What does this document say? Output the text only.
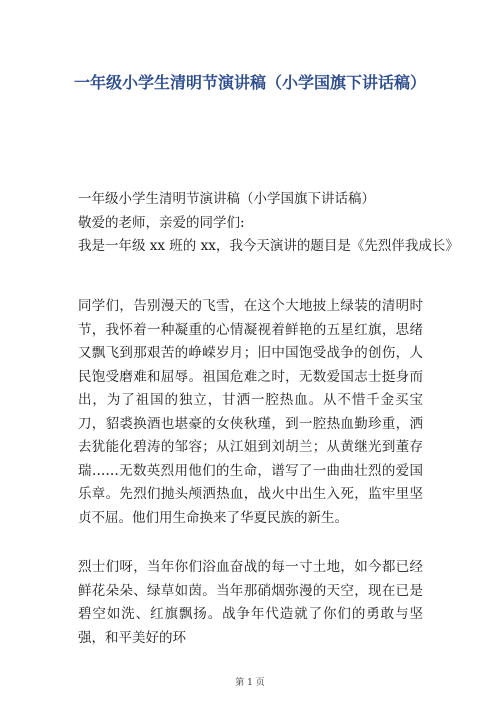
一年级小学生清明节演讲稿（小学国旗下讲话稿）

一年级小学生清明节演讲稿（小学国旗下讲话稿）

敬爱的老师，亲爱的同学们:

我是一年级 xx 班的 xx，我今天演讲的题目是《先烈伴我成长》

同学们，告别漫天的飞雪，在这个大地披上绿装的清明时节，我怀着一种凝重的心情凝视着鲜艳的五星红旗，思绪又飘飞到那艰苦的峥嵘岁月；旧中国饱受战争的创伤，人民饱受磨难和屈辱。祖国危难之时，无数爱国志士挺身而出，为了祖国的独立，甘洒一腔热血。从不惜千金买宝刀，貂裘换酒也堪豪的女侠秋瑾，到一腔热血勤珍重，洒去犹能化碧涛的邹容；从江姐到刘胡兰；从黄继光到董存瑞……无数英烈用他们的生命，谱写了一曲曲壮烈的爱国乐章。先烈们抛头颅洒热血，战火中出生入死，监牢里坚贞不屈。他们用生命换来了华夏民族的新生。

烈士们呀，当年你们浴血奋战的每一寸土地，如今都已经鲜花朵朵、绿草如茵。当年那硝烟弥漫的天空，现在已是碧空如洗、红旗飘扬。战争年代造就了你们的勇敢与坚强，和平美好的环

第 1 页
